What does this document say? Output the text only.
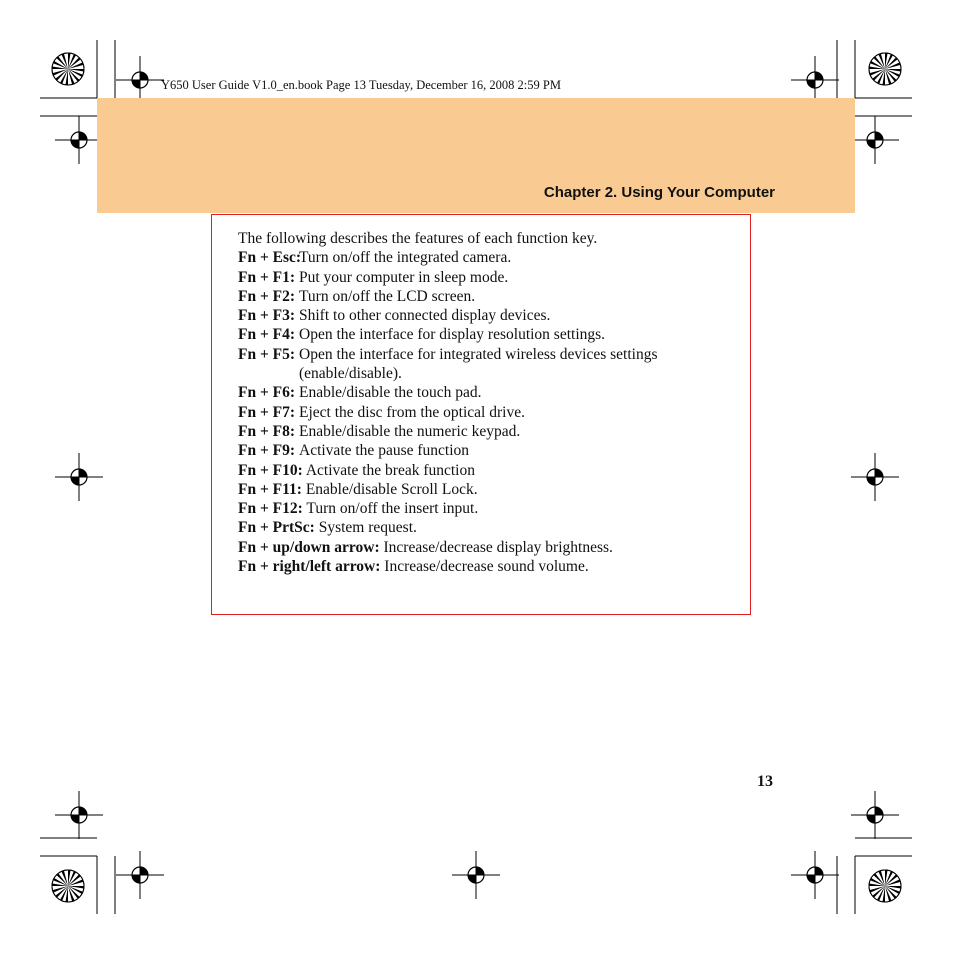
Y650 User Guide V1.0_en.book Page 13 Tuesday, December 16, 2008 2:59 PM
Chapter 2. Using Your Computer

The following describes the features of each function key.

Fn + Esc:
Turn on/off the integrated camera.

Fn + F1: Put your computer in sleep mode.

Fn + F2: Turn on/off the LCD screen.

Fn + F3: Shift to other connected display devices.

Fn + F4: Open the interface for display resolution settings.

Fn + F5: Open the interface for integrated wireless devices settings (enable/disable).

Fn + F6: Enable/disable the touch pad.

Fn + F7: Eject the disc from the optical drive.

Fn + F8: Enable/disable the numeric keypad.

Fn + F9: Activate the pause function

Fn + F10: Activate the break function

Fn + F11: Enable/disable Scroll Lock.

Fn + F12: Turn on/off the insert input.

Fn + PrtSc: System request.

Fn + up/down arrow: Increase/decrease display brightness.

Fn + right/left arrow: Increase/decrease sound volume.

13
